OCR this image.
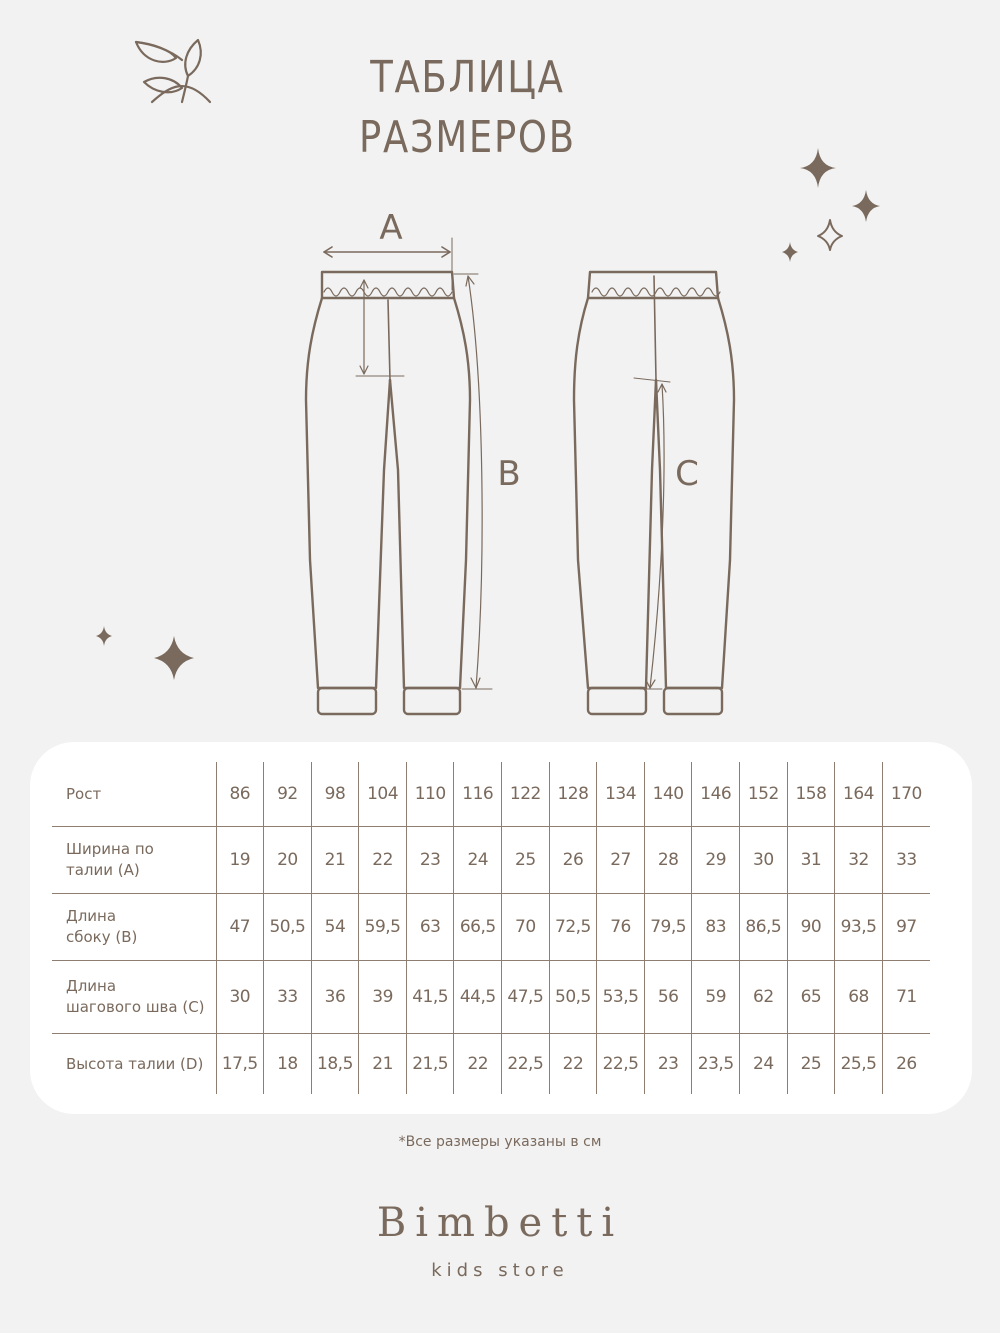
ТАБЛИЦА РАЗМЕРОВ
A
B	C
Рост	86	92	98	104	110	116	122	128	134	140	146	152	158	164	170
Ширина по
талии (A)	19	20	21	22	23	24	25	26	27	28	29	30	31	32	33
Длина
сбоку (B)	47	50,5	54	59,5	63	66,5	70	72,5	76	79,5	83	86,5	90	93,5	97
Длина
шагового шва (C)	30	33	36	39	41,5	44,5	47,5	50,5	53,5	56	59	62	65	68	71
Высота талии (D)	17,5	18	18,5	21	21,5	22	22,5	22	22,5	23	23,5	24	25	25,5	26
*Все размеры указаны в см
Bimbetti
kids store
